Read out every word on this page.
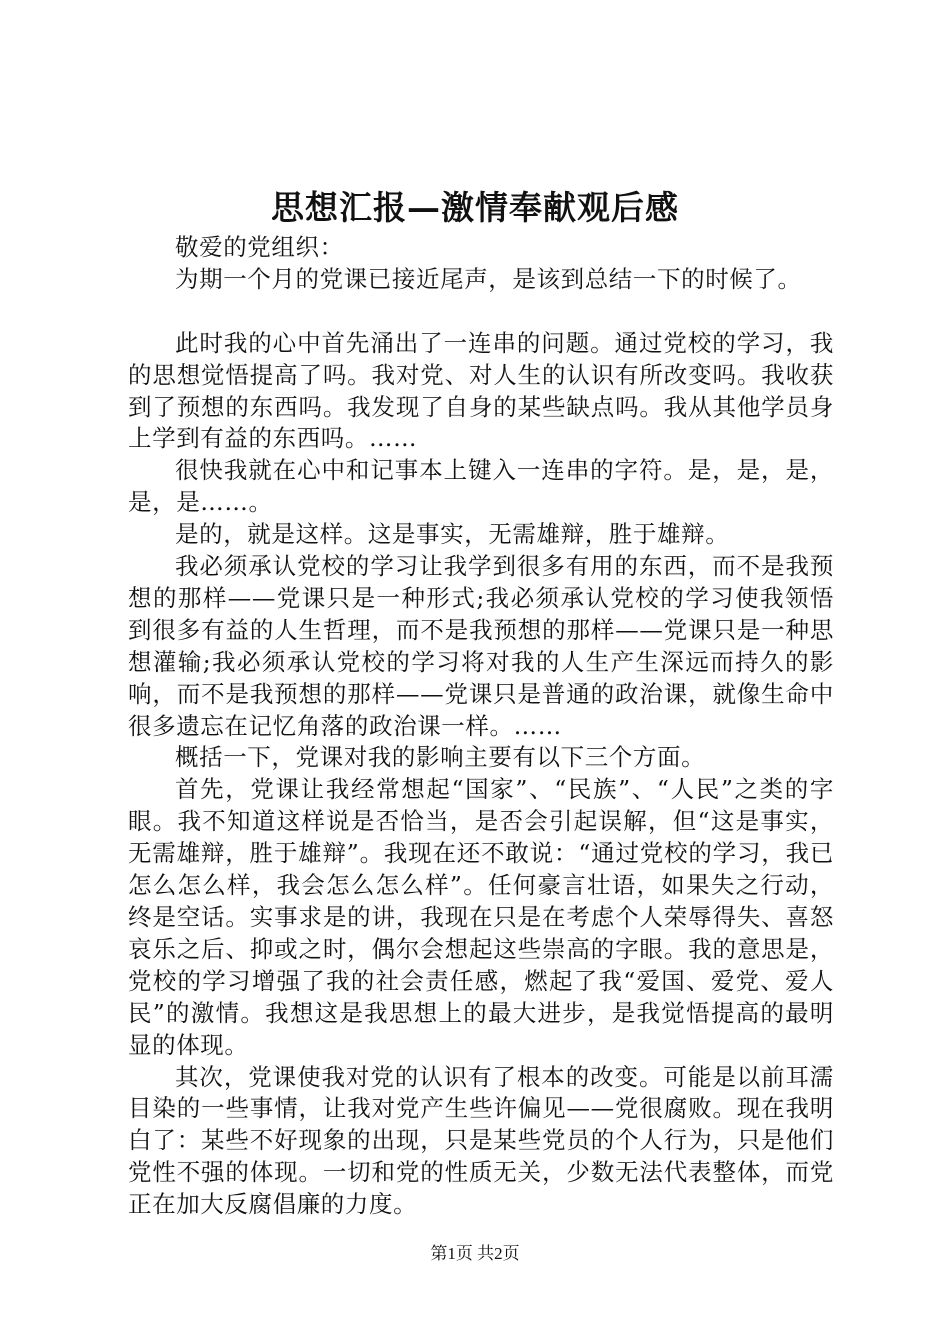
思想汇报—激情奉献观后感

敬爱的党组织：

为期一个月的党课已接近尾声，是该到总结一下的时候了。

此时我的心中首先涌出了一连串的问题。通过党校的学习，我的思想觉悟提高了吗。我对党、对人生的认识有所改变吗。我收获到了预想的东西吗。我发现了自身的某些缺点吗。我从其他学员身上学到有益的东西吗。……

很快我就在心中和记事本上键入一连串的字符。是，是，是，是，是……。

是的，就是这样。这是事实，无需雄辩，胜于雄辩。

我必须承认党校的学习让我学到很多有用的东西，而不是我预想的那样——党课只是一种形式;我必须承认党校的学习使我领悟到很多有益的人生哲理，而不是我预想的那样——党课只是一种思想灌输;我必须承认党校的学习将对我的人生产生深远而持久的影响，而不是我预想的那样——党课只是普通的政治课，就像生命中很多遗忘在记忆角落的政治课一样。……

概括一下，党课对我的影响主要有以下三个方面。

首先，党课让我经常想起“国家”、“民族”、“人民”之类的字眼。我不知道这样说是否恰当，是否会引起误解，但“这是事实，无需雄辩，胜于雄辩”。我现在还不敢说：“通过党校的学习，我已怎么怎么样，我会怎么怎么样”。任何豪言壮语，如果失之行动，终是空话。实事求是的讲，我现在只是在考虑个人荣辱得失、喜怒哀乐之后、抑或之时，偶尔会想起这些崇高的字眼。我的意思是，党校的学习增强了我的社会责任感，燃起了我“爱国、爱党、爱人民”的激情。我想这是我思想上的最大进步，是我觉悟提高的最明显的体现。

其次，党课使我对党的认识有了根本的改变。可能是以前耳濡目染的一些事情，让我对党产生些许偏见——党很腐败。现在我明白了：某些不好现象的出现，只是某些党员的个人行为，只是他们党性不强的体现。一切和党的性质无关，少数无法代表整体，而党正在加大反腐倡廉的力度。

第1页 共2页
